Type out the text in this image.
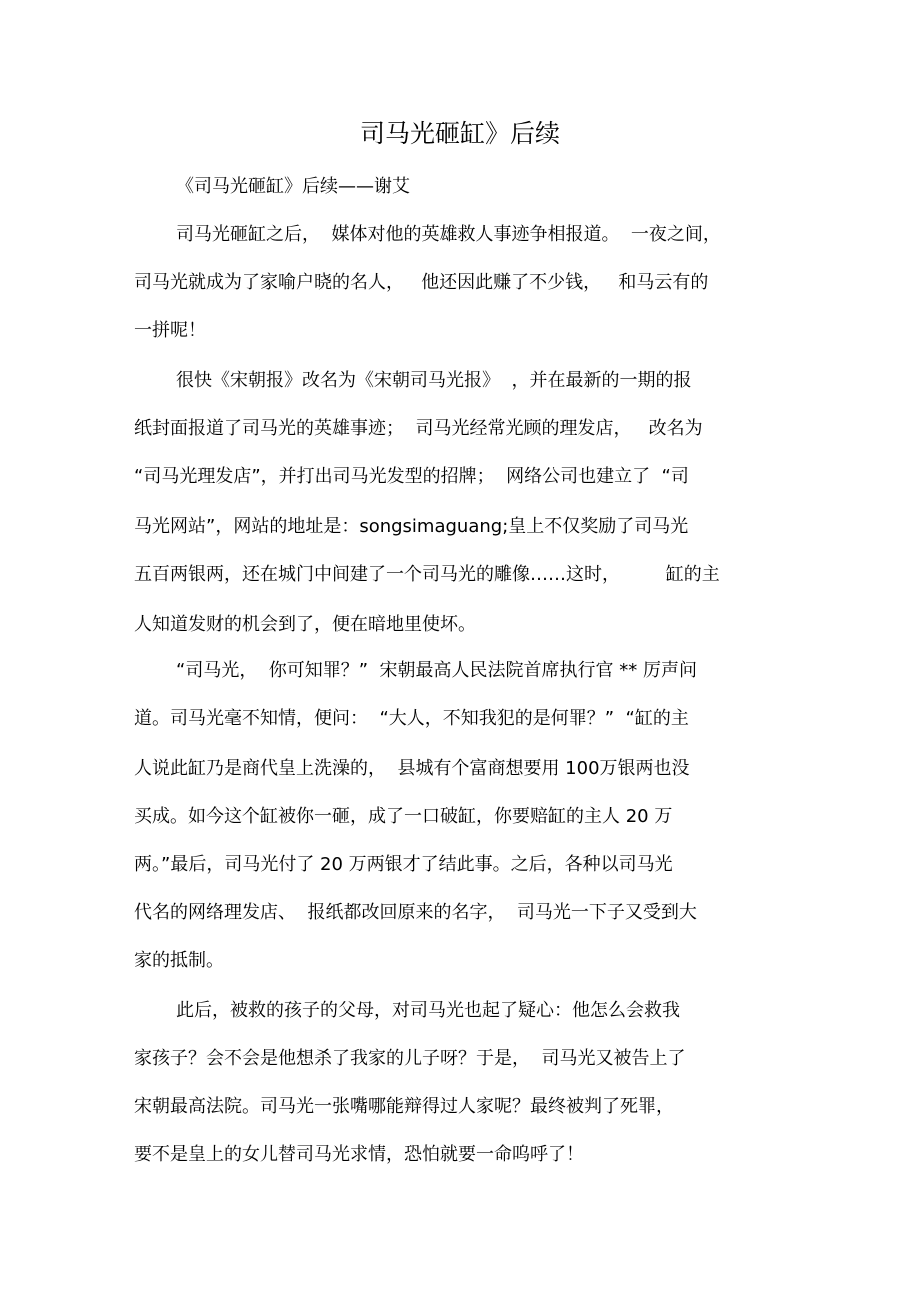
司马光砸缸》后续
《司马光砸缸》后续——谢艾
司马光砸缸之后，  媒体对他的英雄救人事迹争相报道。  一夜之间，
司马光就成为了家喻户晓的名人，   他还因此赚了不少钱，   和马云有的
一拼呢！
很快《宋朝报》改名为《宋朝司马光报》  ，并在最新的一期的报
纸封面报道了司马光的英雄事迹；  司马光经常光顾的理发店，   改名为
“司马光理发店”，并打出司马光发型的招牌；  网络公司也建立了  “司
马光网站”，网站的地址是：songsimaguang;皇上不仅奖励了司马光
五百两银两，还在城门中间建了一个司马光的雕像……这时，        缸的主
人知道发财的机会到了，便在暗地里使坏。
“司马光，  你可知罪？”  宋朝最高人民法院首席执行官 ** 厉声问
道。司马光毫不知情，便问：  “大人，不知我犯的是何罪？”  “缸的主
人说此缸乃是商代皇上洗澡的，  县城有个富商想要用 100万银两也没
买成。如今这个缸被你一砸，成了一口破缸，你要赔缸的主人 20 万
两。”最后，司马光付了 20 万两银才了结此事。之后，各种以司马光
代名的网络理发店、  报纸都改回原来的名字，  司马光一下子又受到大
家的抵制。
此后，被救的孩子的父母，对司马光也起了疑心：他怎么会救我
家孩子？会不会是他想杀了我家的儿子呀？于是，  司马光又被告上了
宋朝最高法院。司马光一张嘴哪能辩得过人家呢？最终被判了死罪，
要不是皇上的女儿替司马光求情，恐怕就要一命呜呼了！
